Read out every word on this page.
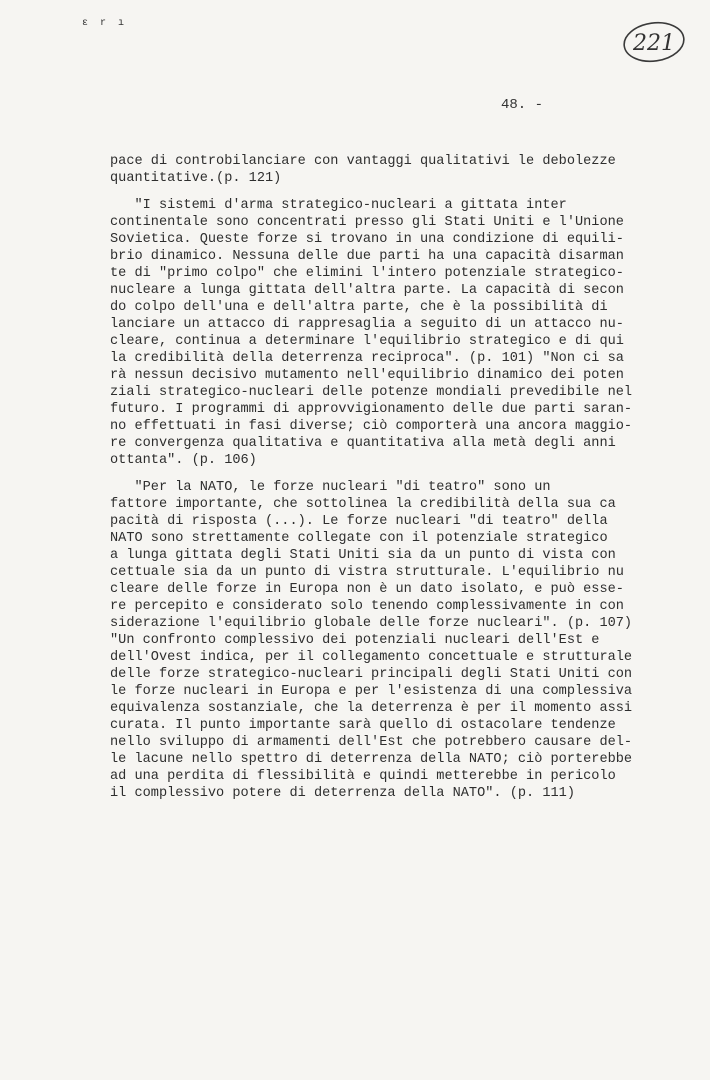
ɛ r ı
221
48. -
pace di controbilanciare con vantaggi qualitativi le debolezze
quantitative.(p. 121)
"I sistemi d'arma strategico-nucleari a gittata inter
continentale sono concentrati presso gli Stati Uniti e l'Unione
Sovietica. Queste forze si trovano in una condizione di equili-
brio dinamico. Nessuna delle due parti ha una capacità disarman
te di "primo colpo" che elimini l'intero potenziale strategico-
nucleare a lunga gittata dell'altra parte. La capacità di secon
do colpo dell'una e dell'altra parte, che è la possibilità di
lanciare un attacco di rappresaglia a seguito di un attacco nu-
cleare, continua a determinare l'equilibrio strategico e di qui
la credibilità della deterrenza reciproca". (p. 101) "Non ci sa
rà nessun decisivo mutamento nell'equilibrio dinamico dei poten
ziali strategico-nucleari delle potenze mondiali prevedibile nel
futuro. I programmi di approvvigionamento delle due parti saran-
no effettuati in fasi diverse; ciò comporterà una ancora maggio-
re convergenza qualitativa e quantitativa alla metà degli anni
ottanta". (p. 106)
"Per la NATO, le forze nucleari "di teatro" sono un
fattore importante, che sottolinea la credibilità della sua ca
pacità di risposta (...). Le forze nucleari "di teatro" della
NATO sono strettamente collegate con il potenziale strategico
a lunga gittata degli Stati Uniti sia da un punto di vista con
cettuale sia da un punto di vistra strutturale. L'equilibrio nu
cleare delle forze in Europa non è un dato isolato, e può esse-
re percepito e considerato solo tenendo complessivamente in con
siderazione l'equilibrio globale delle forze nucleari". (p. 107)
"Un confronto complessivo dei potenziali nucleari dell'Est e
dell'Ovest indica, per il collegamento concettuale e strutturale
delle forze strategico-nucleari principali degli Stati Uniti con
le forze nucleari in Europa e per l'esistenza di una complessiva
equivalenza sostanziale, che la deterrenza è per il momento assi
curata. Il punto importante sarà quello di ostacolare tendenze
nello sviluppo di armamenti dell'Est che potrebbero causare del-
le lacune nello spettro di deterrenza della NATO; ciò porterebbe
ad una perdita di flessibilità e quindi metterebbe in pericolo
il complessivo potere di deterrenza della NATO". (p. 111)
